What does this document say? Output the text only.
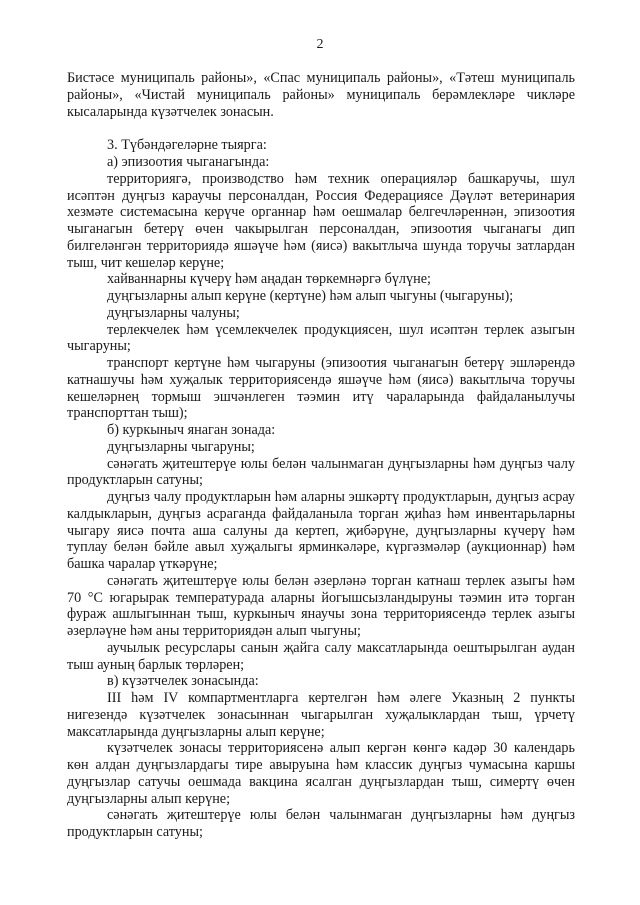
2

Бистәсе муниципаль районы», «Спас муниципаль районы», «Тәтеш муниципаль районы», «Чистай муниципаль районы» муниципаль берәмлекләре чикләре кысаларында күзәтчелек зонасын.

3. Түбәндәгеләрне тыярга:

а) эпизоотия чыганагында:

территориягә, производство һәм техник операцияләр башкаручы, шул исәптән дуңгыз караучы персоналдан, Россия Федерациясе Дәүләт ветеринария хезмәте системасына керүче органнар һәм оешмалар белгечләреннән, эпизоотия чыганагын бетерү өчен чакырылган персоналдан, эпизоотия чыганагы дип билгеләнгән территориядә яшәүче һәм (яисә) вакытлыча шунда торучы затлардан тыш, чит кешеләр керүне;

хайваннарны күчерү һәм аңадан төркемнәргә бүлүне;

дуңгызларны алып керүне (кертүне) һәм алып чыгуны (чыгаруны);

дуңгызларны чалуны;

терлекчелек һәм үсемлекчелек продукциясен, шул исәптән терлек азыгын чыгаруны;

транспорт кертүне һәм чыгаруны (эпизоотия чыганагын бетерү эшләрендә катнашучы һәм хуҗалык территориясендә яшәүче һәм (яисә) вакытлыча торучы кешеләрнең тормыш эшчәнлеген тәэмин итү чараларында файдаланылучы транспорттан тыш);

б) куркыныч янаган зонада:

дуңгызларны чыгаруны;

сәнәгать җитештерүе юлы белән чалынмаган дуңгызларны һәм дуңгыз чалу продуктларын сатуны;

дуңгыз чалу продуктларын һәм аларны эшкәртү продуктларын, дуңгыз асрау калдыкларын, дуңгыз асраганда файдаланыла торган җиһаз һәм инвентарьларны чыгару яисә почта аша салуны да кертеп, җибәрүне, дуңгызларны күчерү һәм туплау белән бәйле авыл хуҗалыгы ярминкәләре, күргәзмәләр (аукционнар) һәм башка чаралар үткәрүне;

сәнәгать җитештерүе юлы белән әзерләнә торган катнаш терлек азыгы һәм 70 °С югарырак температурада аларны йогышсызландыруны тәэмин итә торган фураж ашлыгыннан тыш, куркыныч янаучы зона территориясендә терлек азыгы әзерләүне һәм аны территориядән алып чыгуны;

аучылык ресурслары санын җайга салу максатларында оештырылган аудан тыш ауның барлык төрләрен;

в) күзәтчелек зонасында:

III һәм IV компартментларга кертелгән һәм әлеге Указның 2 пункты нигезендә күзәтчелек зонасыннан чыгарылган хуҗалыклардан тыш, үрчетү максатларында дуңгызларны алып керүне;

күзәтчелек зонасы территориясенә алып кергән көнгә кадәр 30 календарь көн алдан дуңгызлардагы тире авыруына һәм классик дуңгыз чумасына каршы дуңгызлар сатучы оешмада вакцина ясалган дуңгызлардан тыш, симертү өчен дуңгызларны алып керүне;

сәнәгать җитештерүе юлы белән чалынмаган дуңгызларны һәм дуңгыз продуктларын сатуны;
